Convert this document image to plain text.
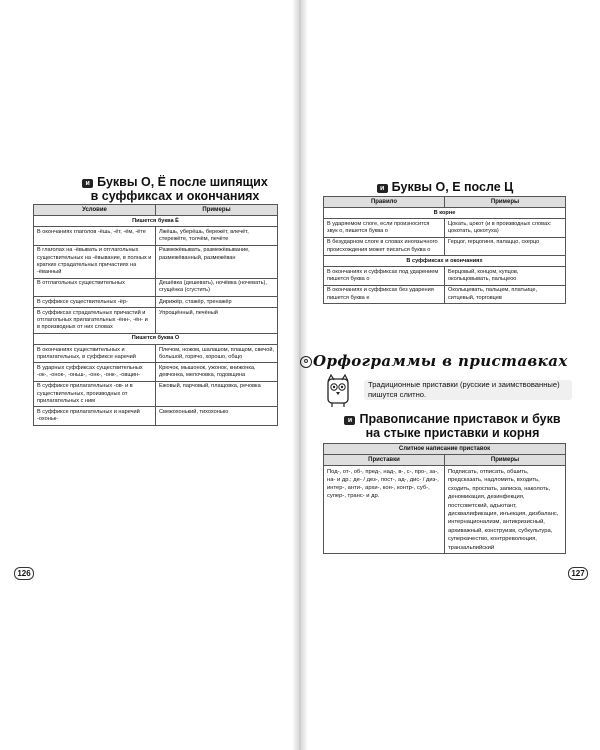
и Буквы О, Ё после шипящих
в суффиксах и окончаниях
Условие	Примеры
Пишется буква Ё	
В окончаниях глаголов -ёшь, -ёт, -ём, -ёте	Лжёшь, уберёшь, бережёт, влечёт, стережёте, толчём, печёте
В глаголах на -ёвывать и отглагольных существительных на -ёвывание, в полных и кратких страдательных причастиях на -ёванный	Размежёвывать, размежёвывание, размежёванный, размежёван
В отглагольных существительных	Дешёвка (дешевать), ночёвка (ночевать), сгущёнка (сгустить)
В суффиксе существительных -ёр-	Дирижёр, стажёр, тренажёр
В суффиксах страдательных причастий и отглагольных прилагательных -ённ-, -ён- и в производных от них словах	Упрощённый, печёный
Пишется буква О	
В окончаниях существительных и прилагательных, в суффиксе наречий	Плечом, ножом, шалашом, плащом, свечой, большой, горячо, хорошо, общо
В ударных суффиксах существительных -ок-, -онок-, -оньш-, -онк-, -онк-, -овщин-	Крючок, мышонок, ужонок, книжонка, девчонка, мелочовка, годовщина
В суффиксе прилагательных -ов- и в существительных, производных от прилагательных с ним	Ежовый, парчовый, плащовка, речовка
В суффиксе прилагательных и наречий -охоньк-	Свежохонький, тихохонько
126
и Буквы О, Е после Ц
Правило	Примеры
В корне	
В ударяемом слоге, если произносится звук о, пишется буква о	Цокать, цокот (и в производных словах: цокотать, цокотуха)
В безударном слоге в словах иноязычного происхождения может писаться буква о	Герцог, герцогиня, палаццо, скерцо
В суффиксах и окончаниях	
В окончаниях и суффиксах под ударением пишется буква о	Берцовый, концом, купцов, околыцовывать, пальцеоо
В окончаниях и суффиксах без ударения пишется буква е	Околыцевать, пальцем, платьице, ситцевый, торговцев
о Орфограммы в приставках
Традиционные приставки (русские и заимствованные) пишутся слитно.
и Правописание приставок и букв
на стыке приставки и корня
Слитное написание приставок	
Приставки	Примеры
Под-, от-, об-, пред-, над-, в-, с-, про-, за-, на- и др.; де- / дез-, пост-, ад-, дис- / диз-, интер-, анти-, архи-, кон-, контр-, суб-, супер-, транс- и др.	Подписать, отписать, обшить, предсказать, надломить, входить, сходить, проспать, записка, наколоть, деномикация, дезинфекция, постсоветский, адъютант, дисквалификация, инъекция, дизбаланс, интернационализм, антикризисный, архиважный, конструизм, субкультура, суперкачество, контрреволюция, транзальпийский
127
